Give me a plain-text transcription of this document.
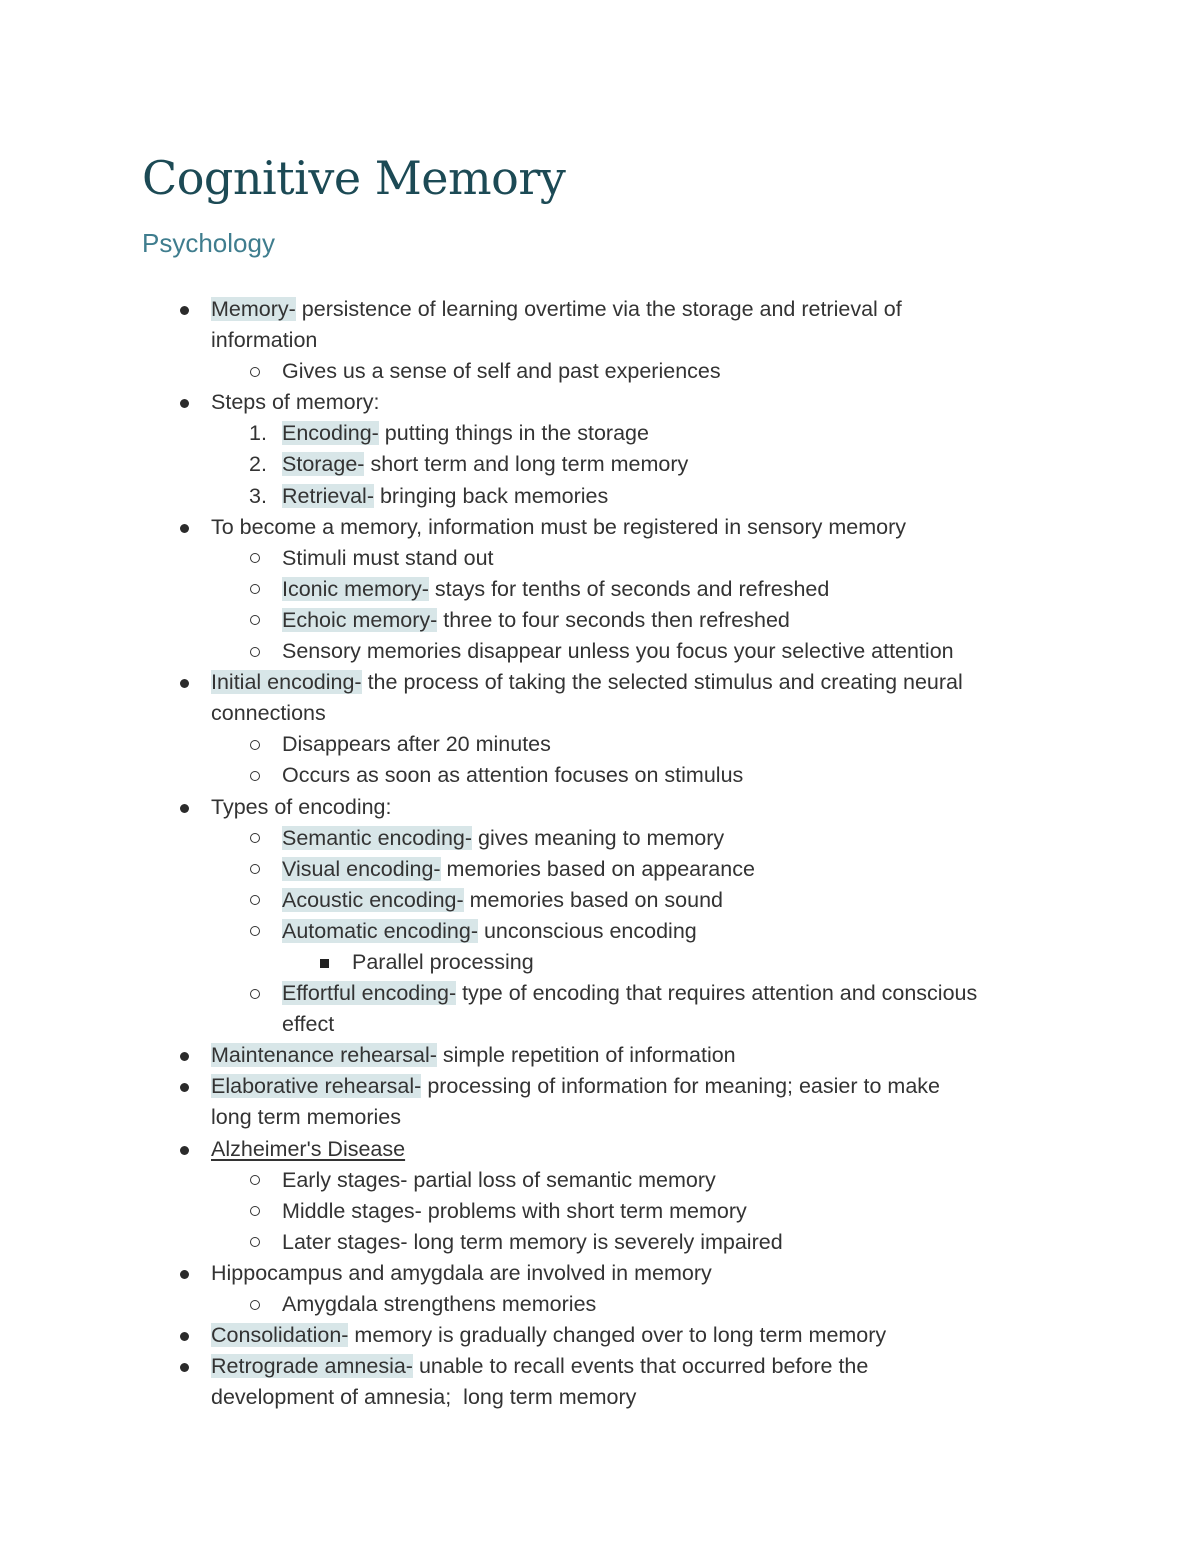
Cognitive Memory
Psychology
Memory- persistence of learning overtime via the storage and retrieval of
information
Gives us a sense of self and past experiences
Steps of memory:
1. Encoding- putting things in the storage
2. Storage- short term and long term memory
3. Retrieval- bringing back memories
To become a memory, information must be registered in sensory memory
Stimuli must stand out
Iconic memory- stays for tenths of seconds and refreshed
Echoic memory- three to four seconds then refreshed
Sensory memories disappear unless you focus your selective attention
Initial encoding- the process of taking the selected stimulus and creating neural
connections
Disappears after 20 minutes
Occurs as soon as attention focuses on stimulus
Types of encoding:
Semantic encoding- gives meaning to memory
Visual encoding- memories based on appearance
Acoustic encoding- memories based on sound
Automatic encoding- unconscious encoding
Parallel processing
Effortful encoding- type of encoding that requires attention and conscious
effect
Maintenance rehearsal- simple repetition of information
Elaborative rehearsal- processing of information for meaning; easier to make
long term memories
Alzheimer's Disease
Early stages- partial loss of semantic memory
Middle stages- problems with short term memory
Later stages- long term memory is severely impaired
Hippocampus and amygdala are involved in memory
Amygdala strengthens memories
Consolidation- memory is gradually changed over to long term memory
Retrograde amnesia- unable to recall events that occurred before the
development of amnesia;  long term memory
